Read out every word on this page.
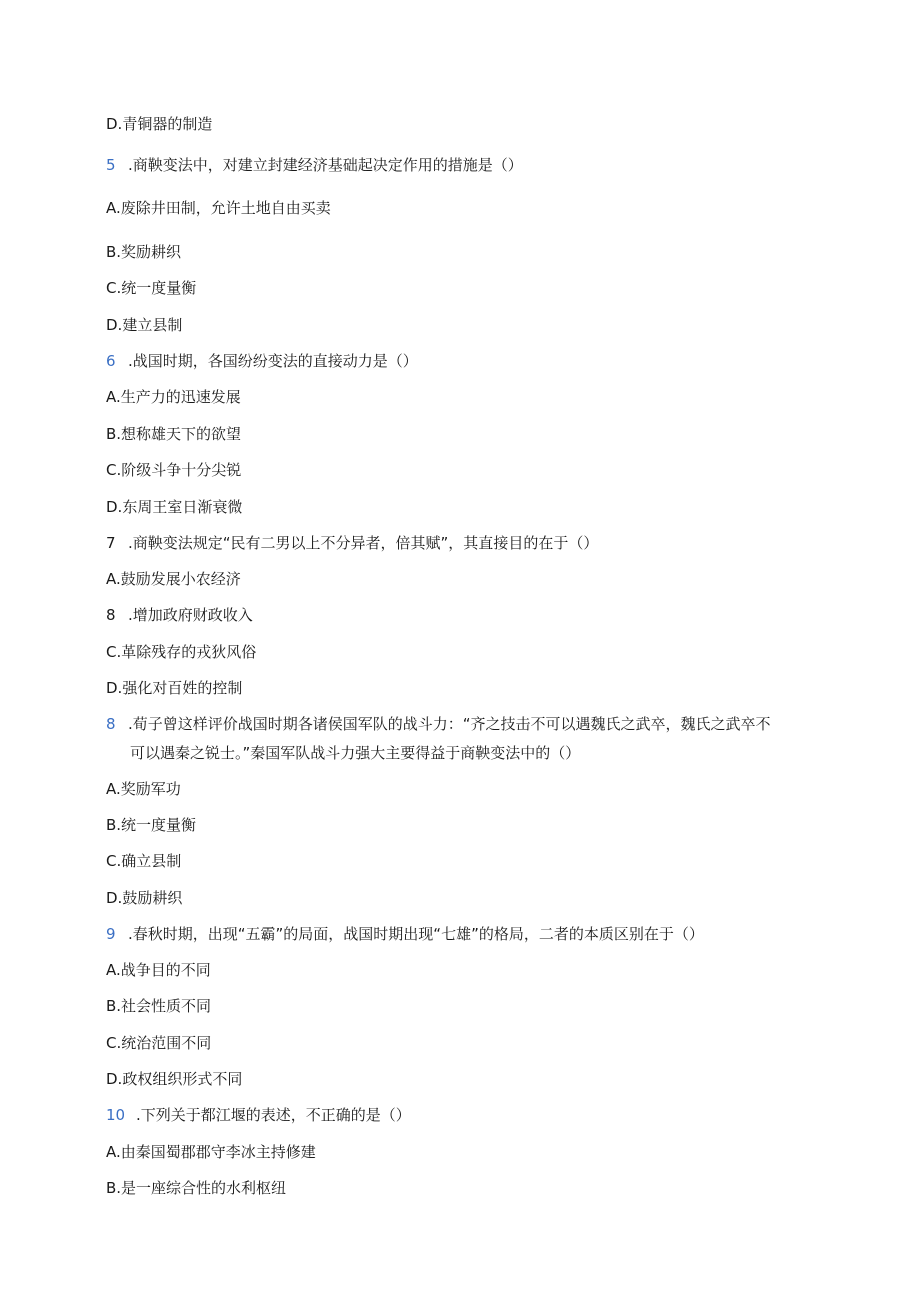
D.青铜器的制造
5 .商鞅变法中，对建立封建经济基础起决定作用的措施是（）
A.废除井田制，允许土地自由买卖
B.奖励耕织
C.统一度量衡
D.建立县制
6 .战国时期，各国纷纷变法的直接动力是（）
A.生产力的迅速发展
B.想称雄天下的欲望
C.阶级斗争十分尖锐
D.东周王室日渐衰微
7 .商鞅变法规定“民有二男以上不分异者，倍其赋”，其直接目的在于（）
A.鼓励发展小农经济
8 .增加政府财政收入
C.革除残存的戎狄风俗
D.强化对百姓的控制
8 .荀子曾这样评价战国时期各诸侯国军队的战斗力：“齐之技击不可以遇魏氏之武卒，魏氏之武卒不
可以遇秦之锐士。”秦国军队战斗力强大主要得益于商鞅变法中的（）
A.奖励军功
B.统一度量衡
C.确立县制
D.鼓励耕织
9 .春秋时期，出现“五霸”的局面，战国时期出现“七雄”的格局，二者的本质区别在于（）
A.战争目的不同
B.社会性质不同
C.统治范围不同
D.政权组织形式不同
10 .下列关于都江堰的表述，不正确的是（）
A.由秦国蜀郡郡守李冰主持修建
B.是一座综合性的水利枢纽
